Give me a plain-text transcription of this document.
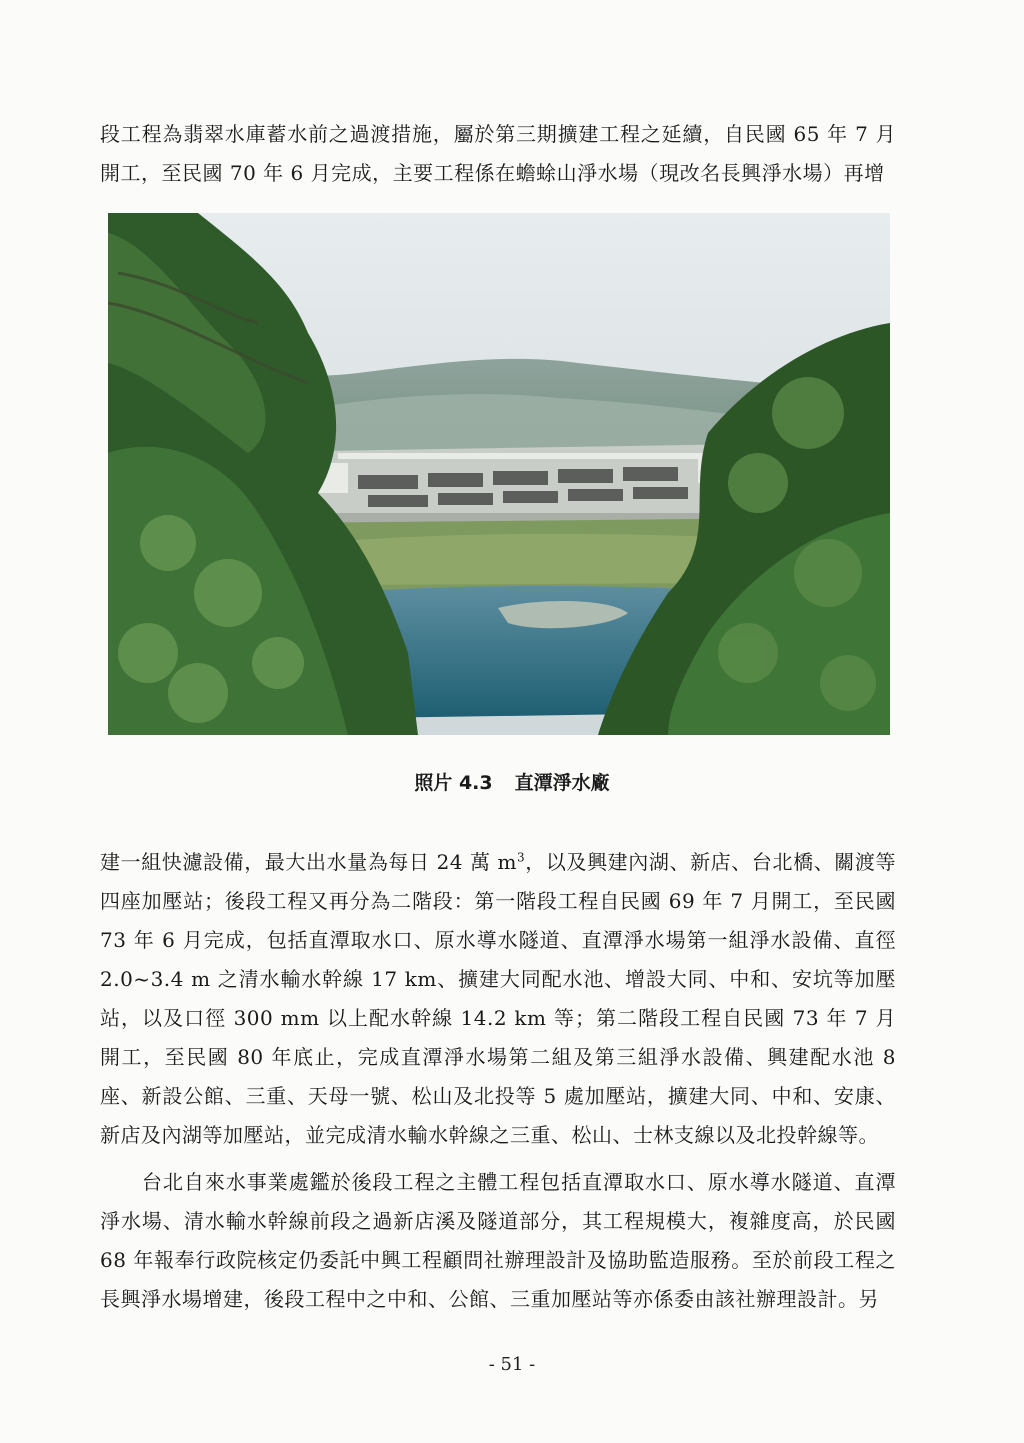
段工程為翡翠水庫蓄水前之過渡措施，屬於第三期擴建工程之延續，自民國 65 年 7 月開工，至民國 70 年 6 月完成，主要工程係在蟾蜍山淨水場（現改名長興淨水場）再增

照片 4.3 直潭淨水廠

建一組快濾設備，最大出水量為每日 24 萬 $m^3$，以及興建內湖、新店、台北橋、關渡等四座加壓站；後段工程又再分為二階段：第一階段工程自民國 69 年 7 月開工，至民國 73 年 6 月完成，包括直潭取水口、原水導水隧道、直潭淨水場第一組淨水設備、直徑 2.0~3.4 m 之清水輸水幹線 17 km、擴建大同配水池、增設大同、中和、安坑等加壓站，以及口徑 300 mm 以上配水幹線 14.2 km 等；第二階段工程自民國 73 年 7 月開工，至民國 80 年底止，完成直潭淨水場第二組及第三組淨水設備、興建配水池 8 座、新設公館、三重、天母一號、松山及北投等 5 處加壓站，擴建大同、中和、安康、新店及內湖等加壓站，並完成清水輸水幹線之三重、松山、士林支線以及北投幹線等。

台北自來水事業處鑑於後段工程之主體工程包括直潭取水口、原水導水隧道、直潭淨水場、清水輸水幹線前段之過新店溪及隧道部分，其工程規模大，複雜度高，於民國 68 年報奉行政院核定仍委託中興工程顧問社辦理設計及協助監造服務。至於前段工程之長興淨水場增建，後段工程中之中和、公館、三重加壓站等亦係委由該社辦理設計。另

- 51 -
